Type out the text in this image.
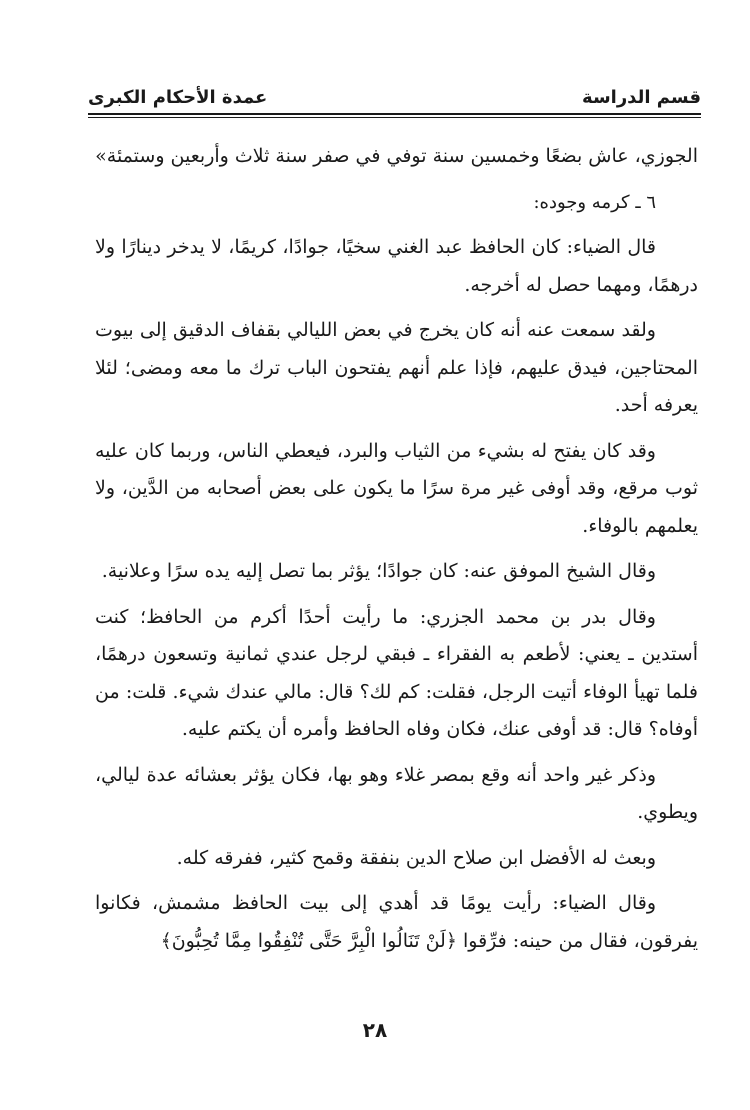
قسم الدراسة
عمدة الأحكام الكبرى

الجوزي، عاش بضعًا وخمسين سنة توفي في صفر سنة ثلاث وأربعين وستمئة»

٦ ـ كرمه وجوده:

قال الضياء: كان الحافظ عبد الغني سخيًا، جوادًا، كريمًا، لا يدخر دينارًا ولا درهمًا، ومهما حصل له أخرجه.

ولقد سمعت عنه أنه كان يخرج في بعض الليالي بقفاف الدقيق إلى بيوت المحتاجين، فيدق عليهم، فإذا علم أنهم يفتحون الباب ترك ما معه ومضى؛ لئلا يعرفه أحد.

وقد كان يفتح له بشيء من الثياب والبرد، فيعطي الناس، وربما كان عليه ثوب مرقع، وقد أوفى غير مرة سرًا ما يكون على بعض أصحابه من الدَّين، ولا يعلمهم بالوفاء.

وقال الشيخ الموفق عنه: كان جوادًا؛ يؤثر بما تصل إليه يده سرًا وعلانية.

وقال بدر بن محمد الجزري: ما رأيت أحدًا أكرم من الحافظ؛ كنت أستدين ـ يعني: لأطعم به الفقراء ـ فبقي لرجل عندي ثمانية وتسعون درهمًا، فلما تهيأ الوفاء أتيت الرجل، فقلت: كم لك؟ قال: مالي عندك شيء. قلت: من أوفاه؟ قال: قد أوفى عنك، فكان وفاه الحافظ وأمره أن يكتم عليه.

وذكر غير واحد أنه وقع بمصر غلاء وهو بها، فكان يؤثر بعشائه عدة ليالي، ويطوي.

وبعث له الأفضل ابن صلاح الدين بنفقة وقمح كثير، ففرقه كله.

وقال الضياء: رأيت يومًا قد أهدي إلى بيت الحافظ مشمش، فكانوا يفرقون، فقال من حينه: فرِّقوا ﴿لَنْ تَنَالُوا الْبِرَّ حَتَّى تُنْفِقُوا مِمَّا تُحِبُّونَ﴾

٢٨
